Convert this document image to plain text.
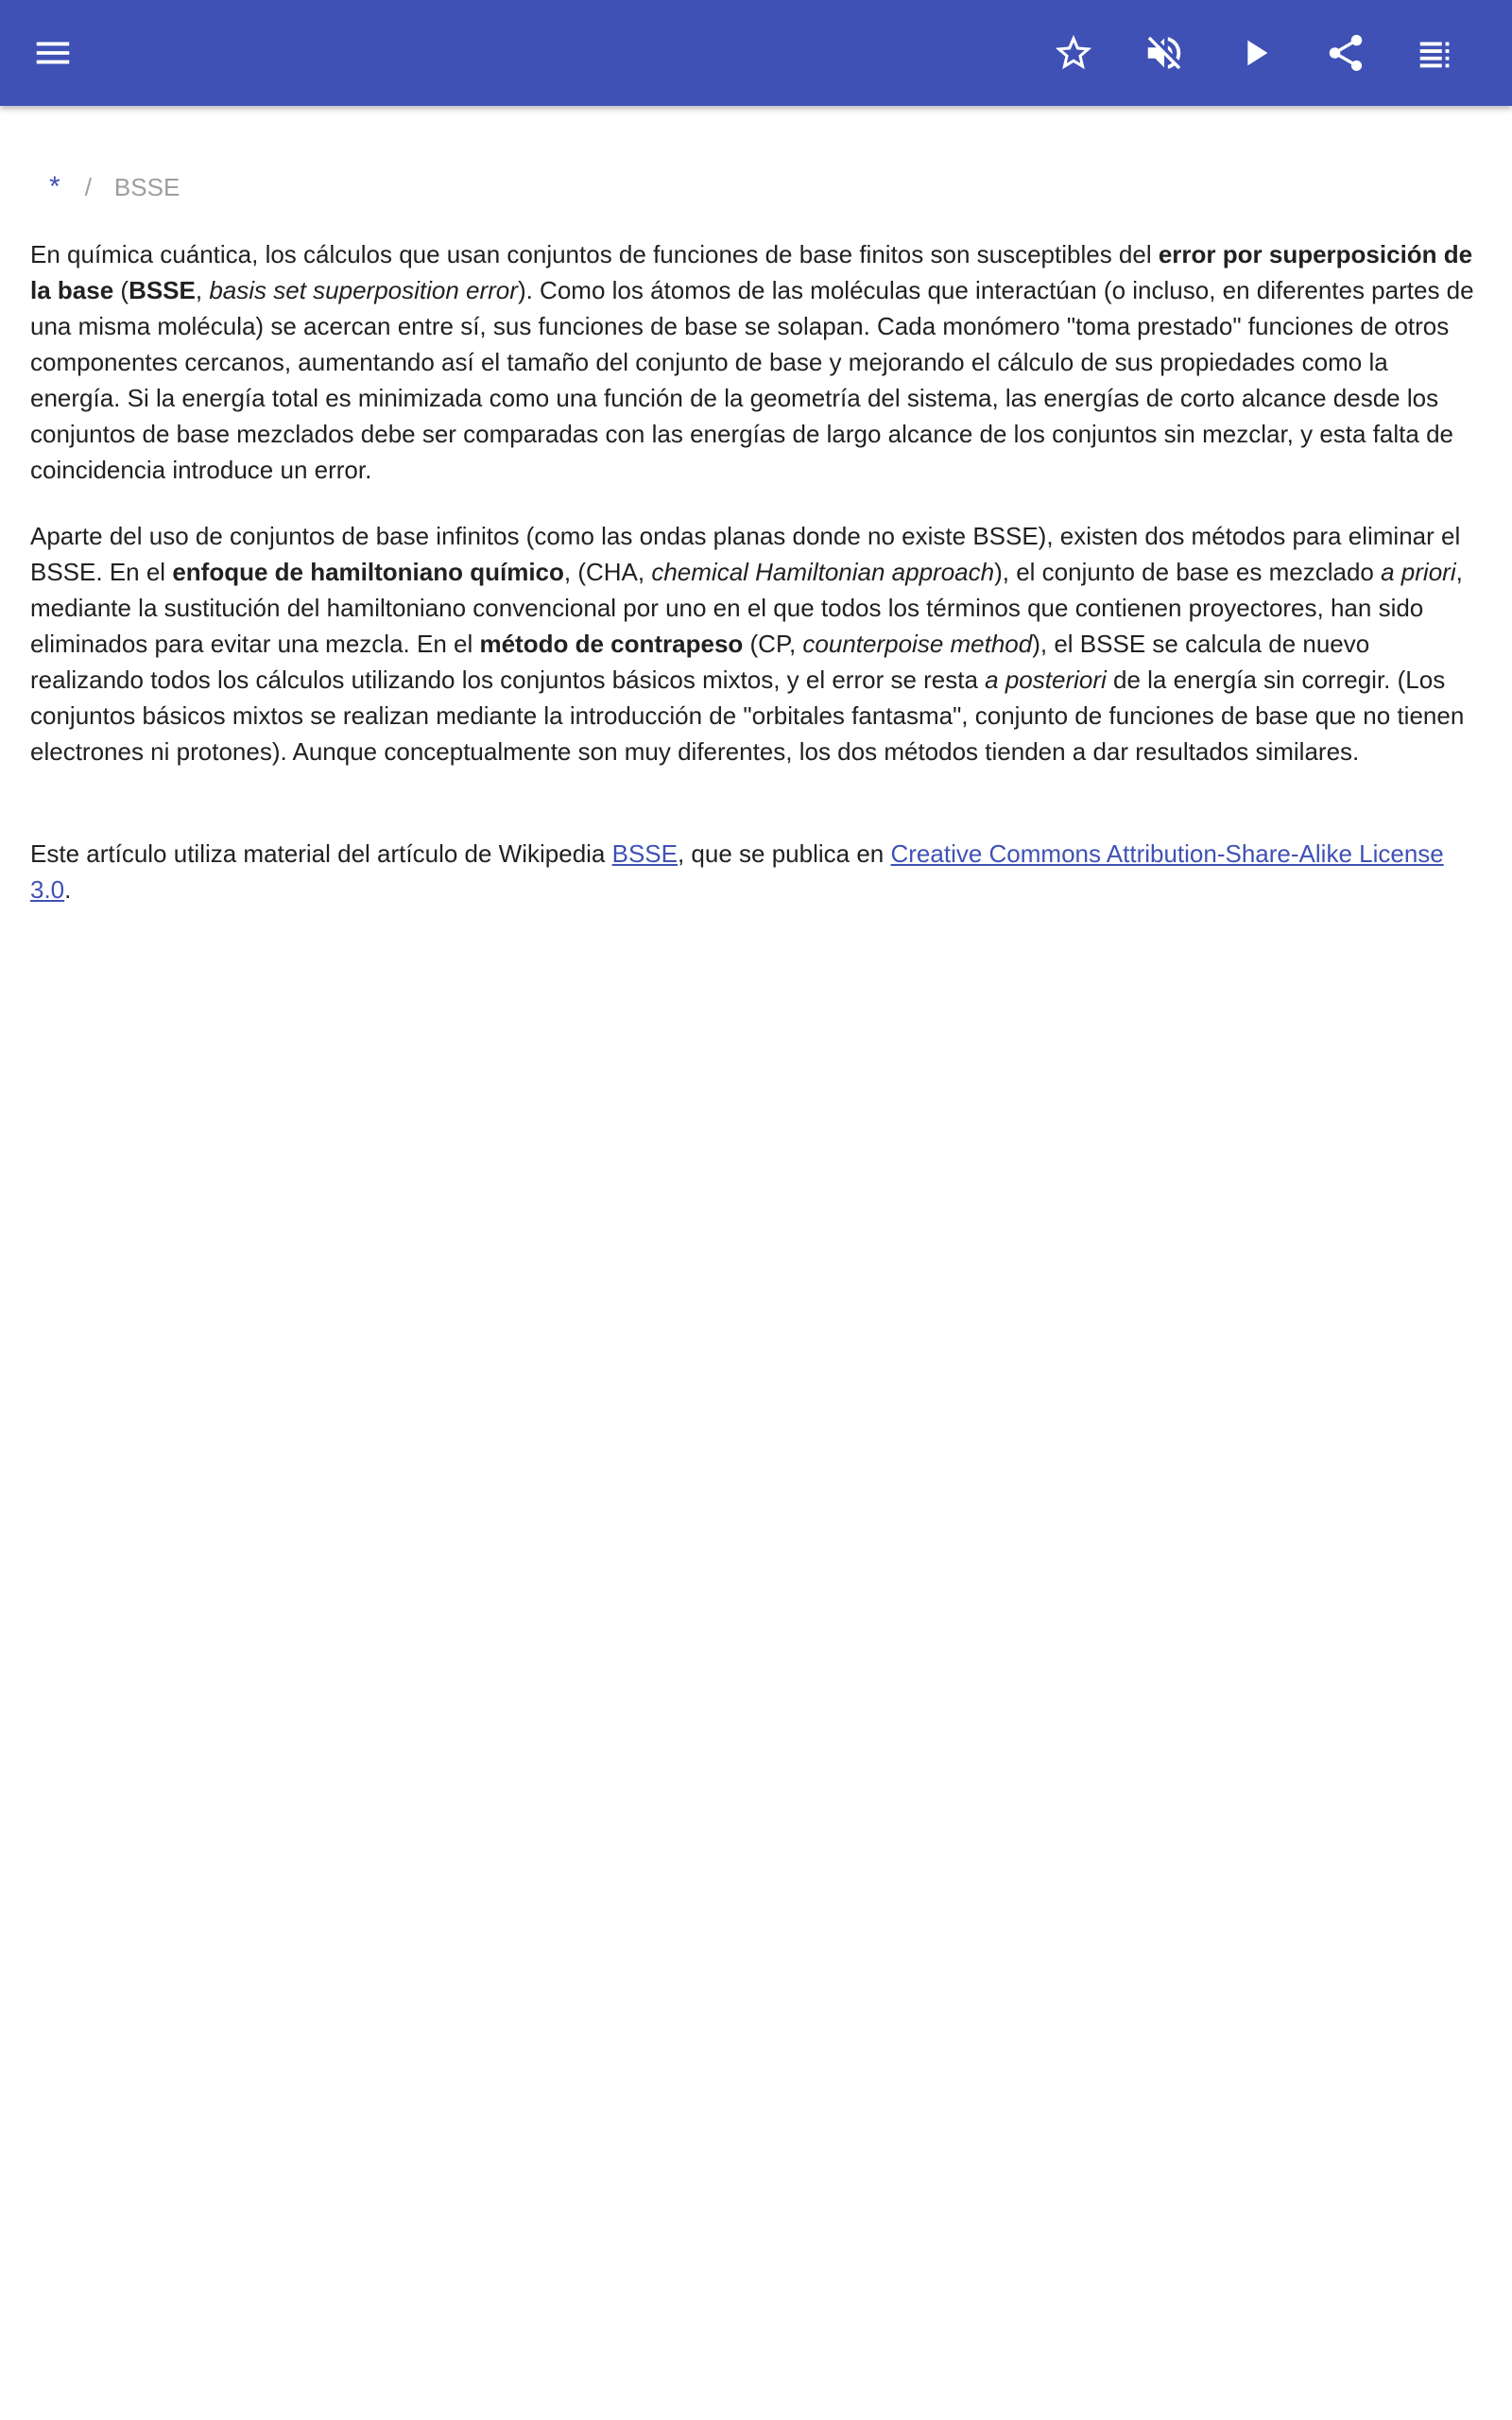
* / BSSE

En química cuántica, los cálculos que usan conjuntos de funciones de base finitos son susceptibles del error por superposición de la base (BSSE, basis set superposition error). Como los átomos de las moléculas que interactúan (o incluso, en diferentes partes de una misma molécula) se acercan entre sí, sus funciones de base se solapan. Cada monómero "toma prestado" funciones de otros componentes cercanos, aumentando así el tamaño del conjunto de base y mejorando el cálculo de sus propiedades como la energía. Si la energía total es minimizada como una función de la geometría del sistema, las energías de corto alcance desde los conjuntos de base mezclados debe ser comparadas con las energías de largo alcance de los conjuntos sin mezclar, y esta falta de coincidencia introduce un error.

Aparte del uso de conjuntos de base infinitos (como las ondas planas donde no existe BSSE), existen dos métodos para eliminar el BSSE. En el enfoque de hamiltoniano químico, (CHA, chemical Hamiltonian approach), el conjunto de base es mezclado a priori, mediante la sustitución del hamiltoniano convencional por uno en el que todos los términos que contienen proyectores, han sido eliminados para evitar una mezcla. En el método de contrapeso (CP, counterpoise method), el BSSE se calcula de nuevo realizando todos los cálculos utilizando los conjuntos básicos mixtos, y el error se resta a posteriori de la energía sin corregir. (Los conjuntos básicos mixtos se realizan mediante la introducción de "orbitales fantasma", conjunto de funciones de base que no tienen electrones ni protones). Aunque conceptualmente son muy diferentes, los dos métodos tienden a dar resultados similares.

Este artículo utiliza material del artículo de Wikipedia BSSE, que se publica en Creative Commons Attribution-Share-Alike License 3.0.
